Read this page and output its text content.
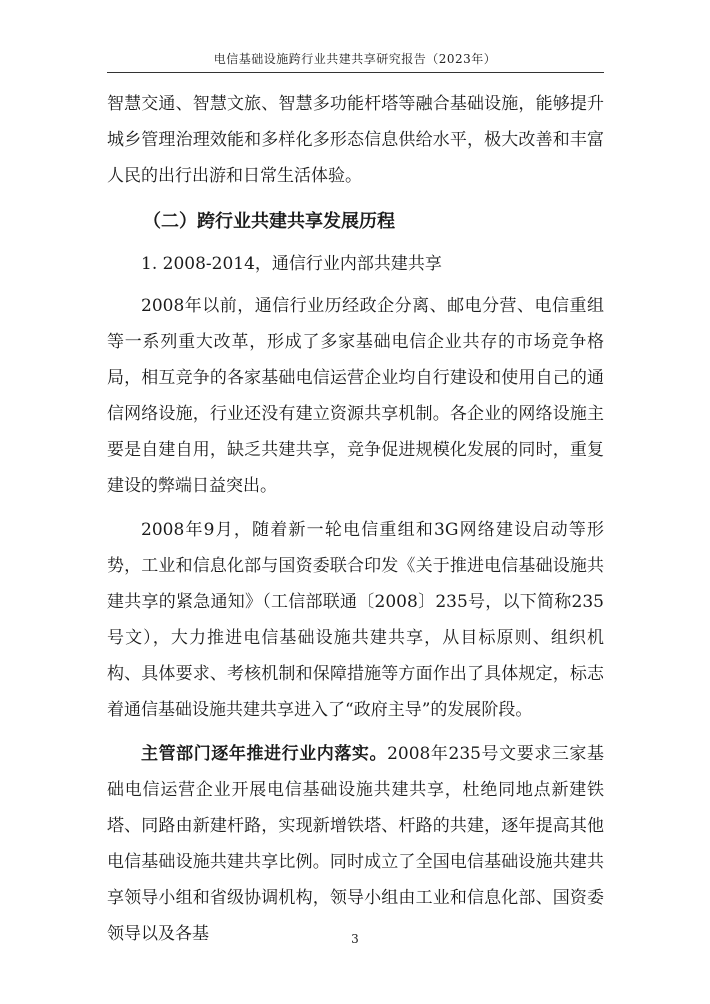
电信基础设施跨行业共建共享研究报告（2023年）

智慧交通、智慧文旅、智慧多功能杆塔等融合基础设施，能够提升城乡管理治理效能和多样化多形态信息供给水平，极大改善和丰富人民的出行出游和日常生活体验。

（二）跨行业共建共享发展历程
1. 2008-2014，通信行业内部共建共享

2008年以前，通信行业历经政企分离、邮电分营、电信重组等一系列重大改革，形成了多家基础电信企业共存的市场竞争格局，相互竞争的各家基础电信运营企业均自行建设和使用自己的通信网络设施，行业还没有建立资源共享机制。各企业的网络设施主要是自建自用，缺乏共建共享，竞争促进规模化发展的同时，重复建设的弊端日益突出。

2008年9月，随着新一轮电信重组和3G网络建设启动等形势，工业和信息化部与国资委联合印发《关于推进电信基础设施共建共享的紧急通知》（工信部联通〔2008〕235号，以下简称235号文），大力推进电信基础设施共建共享，从目标原则、组织机构、具体要求、考核机制和保障措施等方面作出了具体规定，标志着通信基础设施共建共享进入了“政府主导”的发展阶段。

主管部门逐年推进行业内落实。2008年235号文要求三家基础电信运营企业开展电信基础设施共建共享，杜绝同地点新建铁塔、同路由新建杆路，实现新增铁塔、杆路的共建，逐年提高其他电信基础设施共建共享比例。同时成立了全国电信基础设施共建共享领导小组和省级协调机构，领导小组由工业和信息化部、国资委领导以及各基	3
